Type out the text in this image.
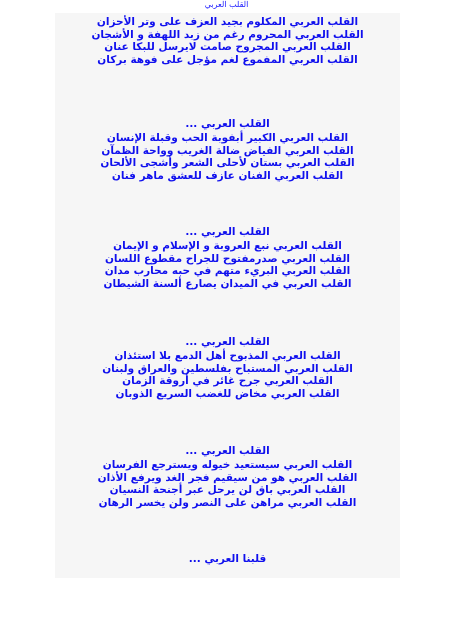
القلب العربي
القلب العربي المكلوم بجيد العزف على وتر الأحزان
القلب العربي المحروم رغم من زبد اللهفة و الأشجان
القلب العربي المجروح صامت لايرسل للبكا عنان
القلب العربي المفموع لغم مؤجل على فوهة بركان
القلب العربي ...
القلب العربي الكبير أبفوبة الحب وقبلة الإنسان
القلب العربي الفياض ضالة الغريب وواحة الظمآن
القلب العربي بستان لأحلى الشعر وأشجى الألحان
القلب العربي الفنان عازف للعشق ماهر فنان
القلب العربي ...
القلب العربي نبع العروبة و الإسلام و الإيمان
القلب العربي صدرمفتوح للجراح مقطوع اللسان
القلب العربي البريء متهم في حبه محارب مدان
القلب العربي في الميدان يصارع ألسنة الشيطان
القلب العربي ...
القلب العربي المذبوح أهل الدمع بلا استئذان
القلب العربي المستباح بفلسطين والعراق ولبنان
القلب العربي جرح غائر في أروقة الزمان
القلب العربي مخاض للغضب السريع الذوبان
القلب العربي ...
القلب العربي سيستعيد خيوله ويسترجع الفرسان
القلب العربي هو من سيقيم فجر الغد ويرفع الأذان
القلب العربي باق لن يرحل عبر أجنحة النسيان
القلب العربي مراهن على النصر ولن يخسر الرهان
قلبنا العربي ...
